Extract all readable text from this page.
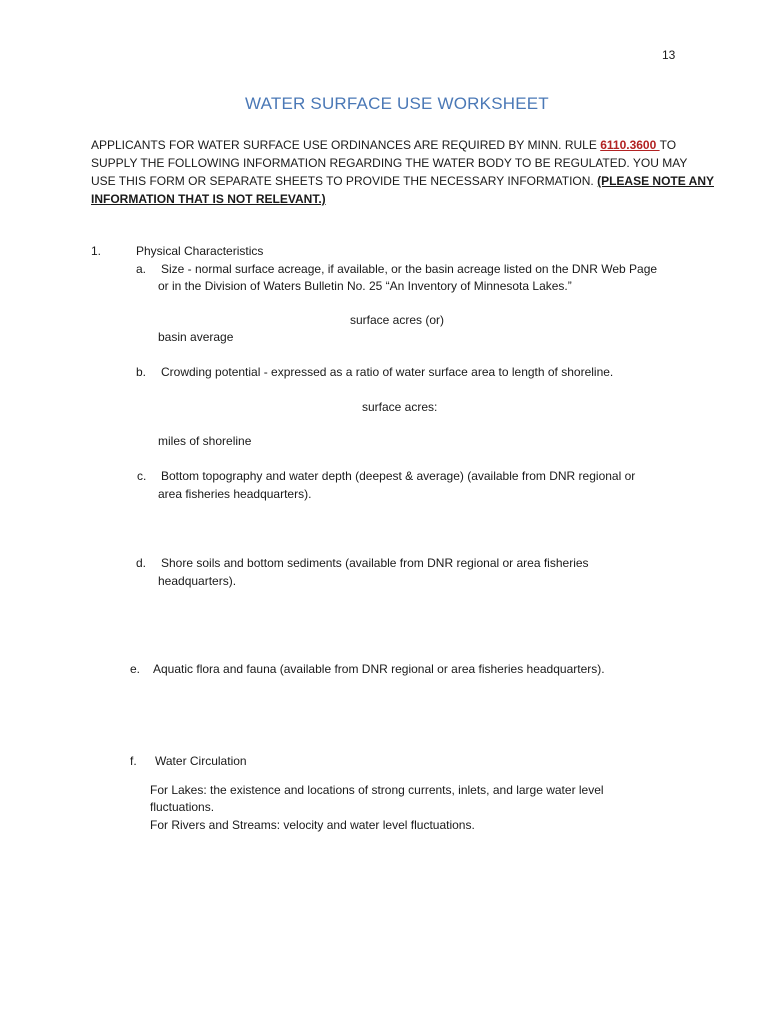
13
WATER SURFACE USE WORKSHEET
APPLICANTS FOR WATER SURFACE USE ORDINANCES ARE REQUIRED BY MINN. RULE 6110.3600 TO
SUPPLY THE FOLLOWING INFORMATION REGARDING THE WATER BODY TO BE REGULATED. YOU MAY
USE THIS FORM OR SEPARATE SHEETS TO PROVIDE THE NECESSARY INFORMATION. (PLEASE NOTE ANY
INFORMATION THAT IS NOT RELEVANT.)
1.	Physical Characteristics
a. Size - normal surface acreage, if available, or the basin acreage listed on the DNR Web Page
or in the Division of Waters Bulletin No. 25 “An Inventory of Minnesota Lakes.”
surface acres (or)
basin average
b. Crowding potential - expressed as a ratio of water surface area to length of shoreline.
surface acres:
miles of shoreline
c. Bottom topography and water depth (deepest & average) (available from DNR regional or
area fisheries headquarters).
d. Shore soils and bottom sediments (available from DNR regional or area fisheries
headquarters).
e. Aquatic flora and fauna (available from DNR regional or area fisheries headquarters).
f. Water Circulation
For Lakes: the existence and locations of strong currents, inlets, and large water level
fluctuations.
For Rivers and Streams: velocity and water level fluctuations.
